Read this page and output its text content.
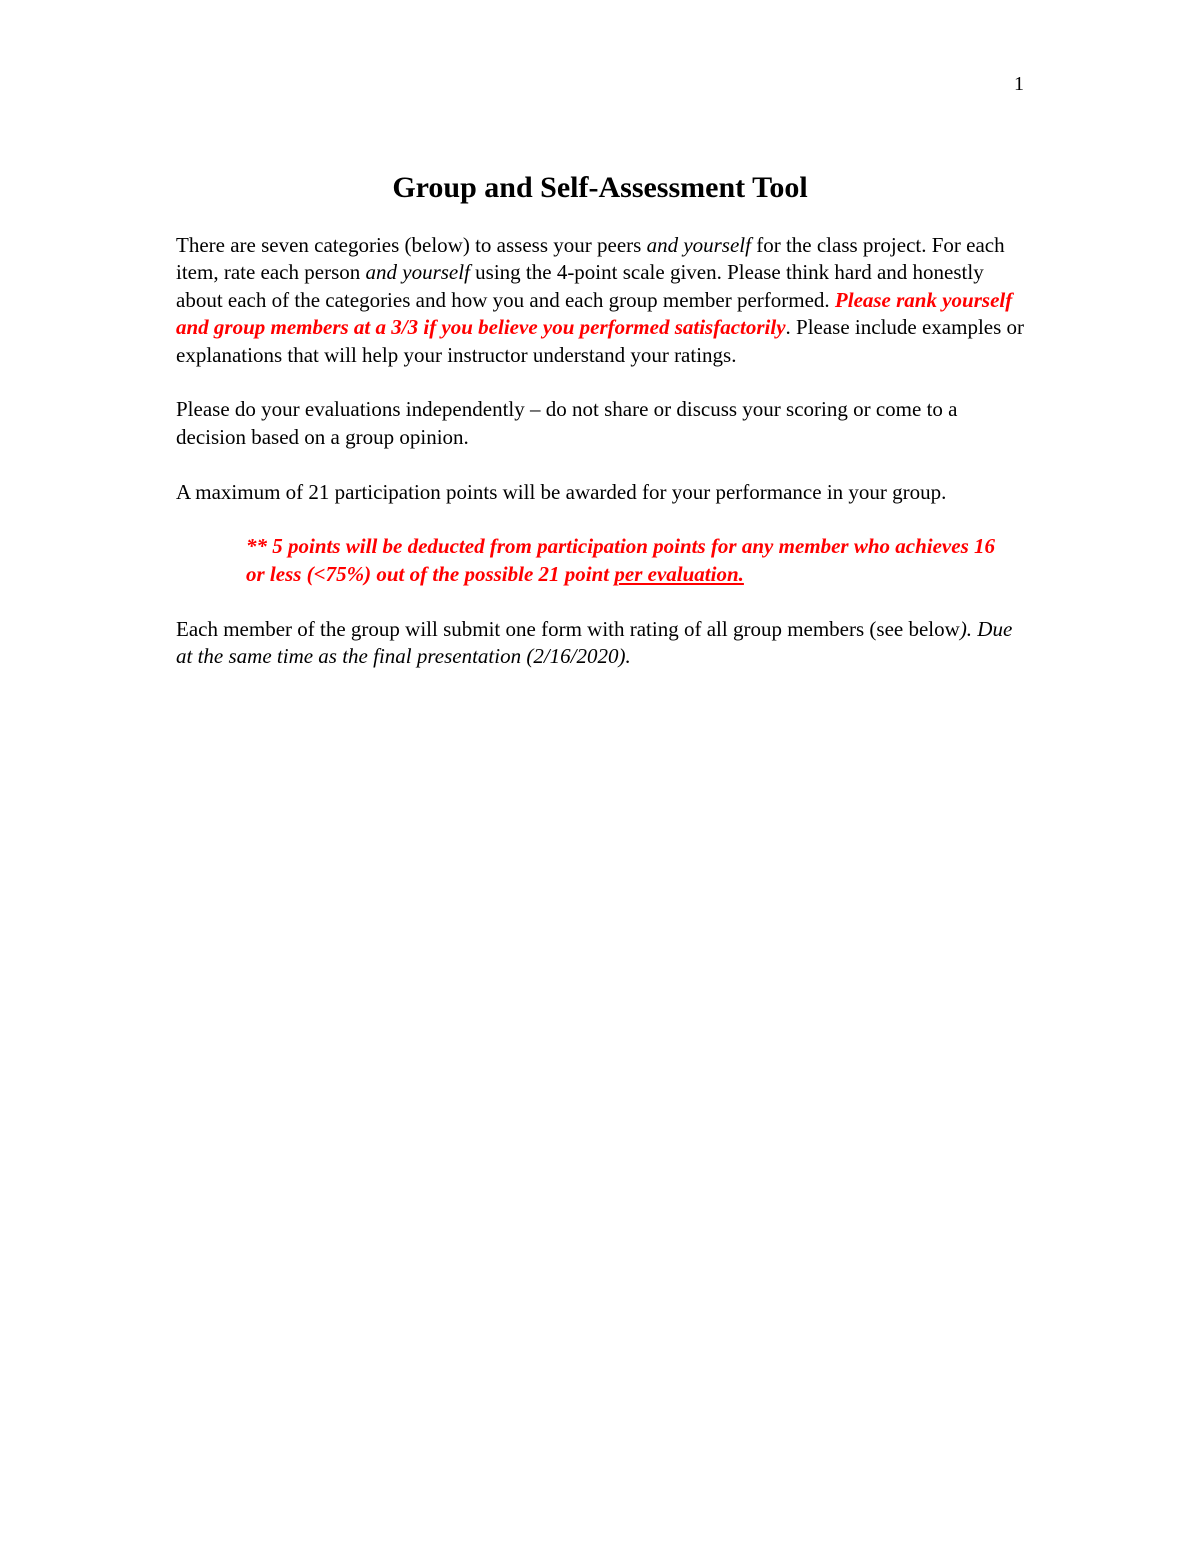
1
Group and Self-Assessment Tool

There are seven categories (below) to assess your peers and yourself for the class project. For each item, rate each person and yourself using the 4-point scale given. Please think hard and honestly about each of the categories and how you and each group member performed. Please rank yourself and group members at a 3/3 if you believe you performed satisfactorily. Please include examples or explanations that will help your instructor understand your ratings.

Please do your evaluations independently – do not share or discuss your scoring or come to a decision based on a group opinion.

A maximum of 21 participation points will be awarded for your performance in your group.

** 5 points will be deducted from participation points for any member who achieves 16 or less (<75%) out of the possible 21 point per evaluation.

Each member of the group will submit one form with rating of all group members (see below). Due at the same time as the final presentation (2/16/2020).
